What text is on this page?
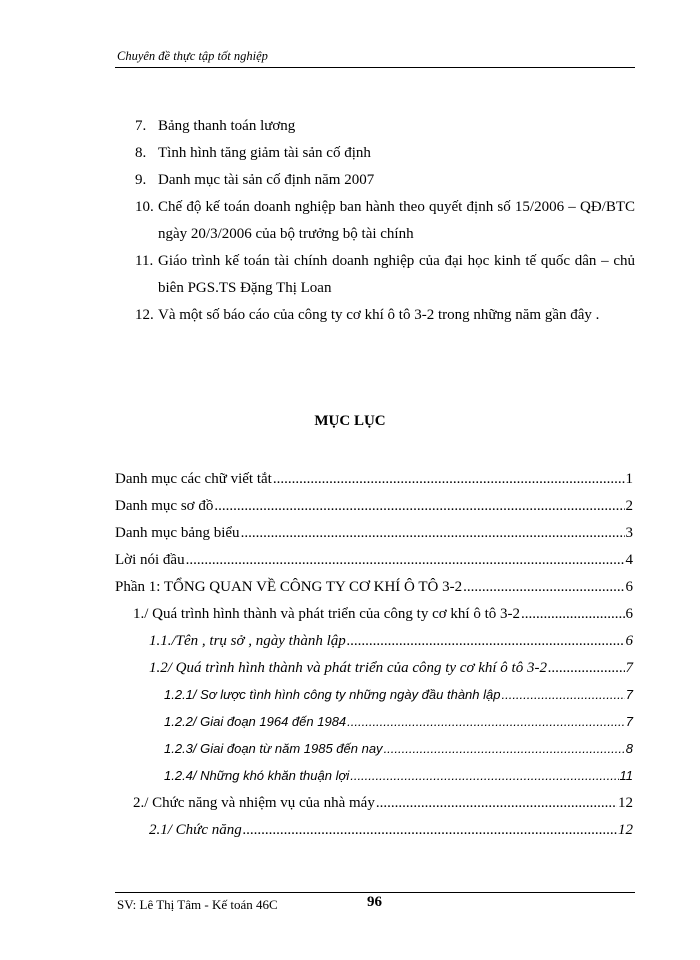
Chuyên đề thực tập tốt nghiệp
7. Bảng thanh toán lương
8. Tình hình tăng giảm tài sản cố định
9. Danh mục tài sản cố định năm 2007
10. Chế độ kế toán doanh nghiệp ban hành theo quyết định số 15/2006 – QĐ/BTC ngày 20/3/2006 của bộ trưởng bộ tài chính
11. Giáo trình kế toán tài chính doanh nghiệp của đại học kinh tế quốc dân – chủ biên PGS.TS Đặng Thị Loan
12. Và một số báo cáo của công ty cơ khí ô tô 3-2 trong những năm gần đây .
MỤC LỤC
Danh mục các chữ viết tắt .....	1
Danh mục sơ đồ .....	2
Danh mục bảng biểu .....	3
Lời nói đầu .....	4
Phần 1: TỔNG QUAN VỀ CÔNG TY CƠ KHÍ Ô TÔ 3-2 .....	6
1./ Quá trình hình thành và phát triển của công ty cơ khí ô tô 3-2 .....	6
1.1./Tên , trụ sở , ngày thành lập .....	6
1.2/ Quá trình hình thành và phát triển của công ty cơ khí ô tô 3-2 .....	7
1.2.1/ Sơ lược tình hình công ty những ngày đầu thành lập .....	7
1.2.2/ Giai đoạn 1964 đến 1984 .....	7
1.2.3/ Giai đoạn từ năm 1985 đến nay .....	8
1.2.4/ Những khó khăn thuận lợi .....	11
2./ Chức năng và nhiệm vụ của nhà máy .....	12
2.1/ Chức năng .....	12
SV: Lê Thị Tâm - Kế toán 46C	96
